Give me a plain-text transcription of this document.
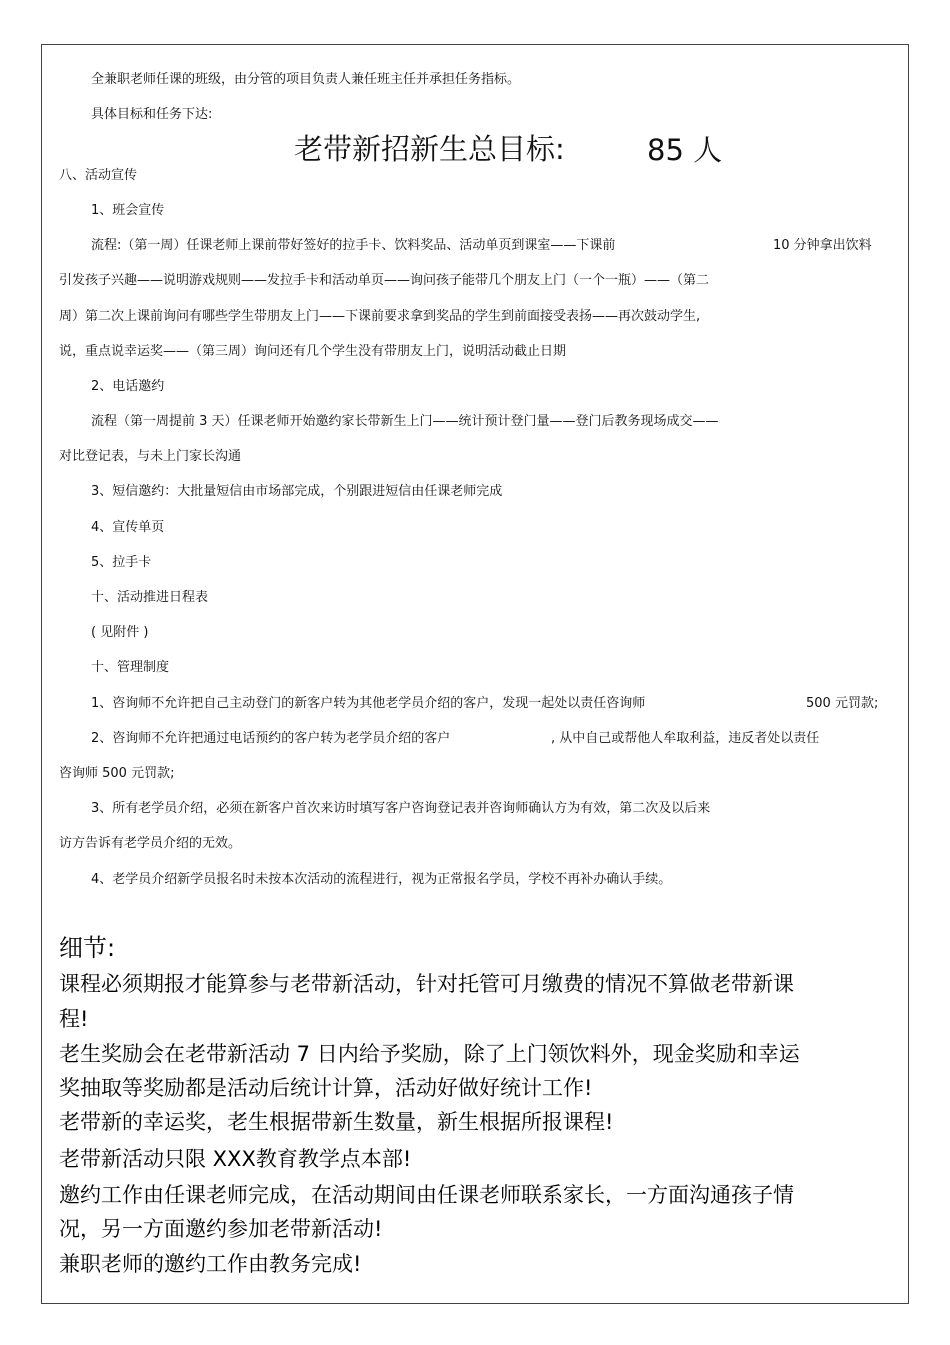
全兼职老师任课的班级，由分管的项目负责人兼任班主任并承担任务指标。
具体目标和任务下达:
老带新招新生总目标:	85 人
八、活动宣传
1、班会宣传
流程:（第一周）任课老师上课前带好签好的拉手卡、饮料奖品、活动单页到课室——下课前	10 分钟拿出饮料
引发孩子兴趣——说明游戏规则——发拉手卡和活动单页——询问孩子能带几个朋友上门（一个一瓶）——（第二
周）第二次上课前询问有哪些学生带朋友上门——下课前要求拿到奖品的学生到前面接受表扬——再次鼓动学生,
说，重点说幸运奖——（第三周）询问还有几个学生没有带朋友上门，说明活动截止日期
2、电话邀约
流程（第一周提前 3 天）任课老师开始邀约家长带新生上门——统计预计登门量——登门后教务现场成交——
对比登记表，与未上门家长沟通
3、短信邀约：大批量短信由市场部完成，个别跟进短信由任课老师完成
4、宣传单页
5、拉手卡
十、活动推进日程表
( 见附件 )
十、管理制度
1、咨询师不允许把自己主动登门的新客户转为其他老学员介绍的客户，发现一起处以责任咨询师	500 元罚款;
2、咨询师不允许把通过电话预约的客户转为老学员介绍的客户	, 从中自己或帮他人牟取利益，违反者处以责任
咨询师 500 元罚款;
3、所有老学员介绍，必须在新客户首次来访时填写客户咨询登记表并咨询师确认方为有效，第二次及以后来
访方告诉有老学员介绍的无效。
4、老学员介绍新学员报名时未按本次活动的流程进行，视为正常报名学员，学校不再补办确认手续。
细节:
课程必须期报才能算参与老带新活动，针对托管可月缴费的情况不算做老带新课
程!
老生奖励会在老带新活动 7 日内给予奖励，除了上门领饮料外，现金奖励和幸运
奖抽取等奖励都是活动后统计计算，活动好做好统计工作!
老带新的幸运奖，老生根据带新生数量，新生根据所报课程!
老带新活动只限 XXX教育教学点本部!
邀约工作由任课老师完成，在活动期间由任课老师联系家长，一方面沟通孩子情
况，另一方面邀约参加老带新活动!
兼职老师的邀约工作由教务完成!
